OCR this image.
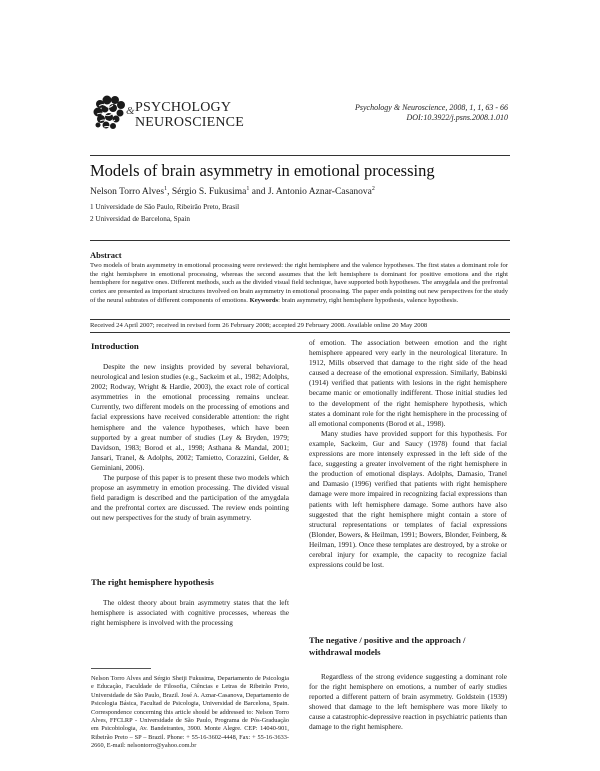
& PSYCHOLOGY
NEUROSCIENCE
Psychology & Neuroscience, 2008, 1, 1, 63 - 66
DOI:10.3922/j.psns.2008.1.010
Models of brain asymmetry in emotional processing
Nelson Torro Alves$^1$, Sérgio S. Fukusima$^1$ and J. Antonio Aznar-Casanova$^2$
1 Universidade de São Paulo, Ribeirão Preto, Brasil
2 Universidad de Barcelona, Spain
Abstract
Two models of brain asymmetry in emotional processing were reviewed: the right hemisphere and the valence hypotheses. The first states a dominant role for the right hemisphere in emotional processing, whereas the second assumes that the left hemisphere is dominant for positive emotions and the right hemisphere for negative ones. Different methods, such as the divided visual field technique, have supported both hypotheses. The amygdala and the prefrontal cortex are presented as important structures involved on brain asymmetry in emotional processing. The paper ends pointing out new perspectives for the study of the neural subtrates of different components of emotions. Keywords: brain asymmetry, right hemisphere hypothesis, valence hypothesis.
Received 24 April 2007; received in revised form 26 February 2008; accepted 29 February 2008. Available online 20 May 2008
Introduction

Despite the new insights provided by several behavioral, neurological and lesion studies (e.g., Sackeim et al., 1982; Adolphs, 2002; Rodway, Wright & Hardie, 2003), the exact role of cortical asymmetries in the emotional processing remains unclear. Currently, two different models on the processing of emotions and facial expressions have received considerable attention: the right hemisphere and the valence hypotheses, which have been supported by a great number of studies (Ley & Bryden, 1979; Davidson, 1983; Borod et al., 1998; Asthana & Mandal, 2001; Jansari, Tranel, & Adolphs, 2002; Tamietto, Corazzini, Gelder, & Geminiani, 2006).

The purpose of this paper is to present these two models which propose an asymmetry in emotion processing. The divided visual field paradigm is described and the participation of the amygdala and the prefrontal cortex are discussed. The review ends pointing out new perspectives for the study of brain asymmetry.

The right hemisphere hypothesis

The oldest theory about brain asymmetry states that the left hemisphere is associated with cognitive processes, whereas the right hemisphere is involved with the processing

Nelson Torro Alves and Sérgio Sheiji Fukusima, Departamento de Psicologia e Educação, Faculdade de Filosofia, Ciências e Letras de Ribeirão Preto, Universidade de São Paulo, Brazil. José A. Aznar-Casanova, Departamento de Psicologia Básica, Facultad de Psicologia, Universidad de Barcelona, Spain. Correspondence concerning this article should be addressed to: Nelson Torro Alves, FFCLRP - Universidade de São Paulo, Programa de Pós-Graduação em Psicobiologia, Av. Bandeirantes, 3900. Monte Alegre. CEP: 14040-901, Ribeirão Preto – SP – Brazil. Phone: + 55-16-3602-4448, Fax: + 55-16-3633-2660, E-mail: nelsontorro@yahoo.com.br

of emotion. The association between emotion and the right hemisphere appeared very early in the neurological literature. In 1912, Mills observed that damage to the right side of the head caused a decrease of the emotional expression. Similarly, Babinski (1914) verified that patients with lesions in the right hemisphere became manic or emotionally indifferent. Those initial studies led to the development of the right hemisphere hypothesis, which states a dominant role for the right hemisphere in the processing of all emotional components (Borod et al., 1998).

Many studies have provided support for this hypothesis. For example, Sackeim, Gur and Saucy (1978) found that facial expressions are more intensely expressed in the left side of the face, suggesting a greater involvement of the right hemisphere in the production of emotional displays. Adolphs, Damasio, Tranel and Damasio (1996) verified that patients with right hemisphere damage were more impaired in recognizing facial expressions than patients with left hemisphere damage. Some authors have also suggested that the right hemisphere might contain a store of structural representations or templates of facial expressions (Blonder, Bowers, & Heilman, 1991; Bowers, Blonder, Feinberg, & Heilman, 1991). Once these templates are destroyed, by a stroke or cerebral injury for example, the capacity to recognize facial expressions could be lost.

The negative / positive and the approach / withdrawal models

Regardless of the strong evidence suggesting a dominant role for the right hemisphere on emotions, a number of early studies reported a different pattern of brain asymmetry. Goldstein (1939) showed that damage to the left hemisphere was more likely to cause a catastrophic-depressive reaction in psychiatric patients than damage to the right hemisphere.
